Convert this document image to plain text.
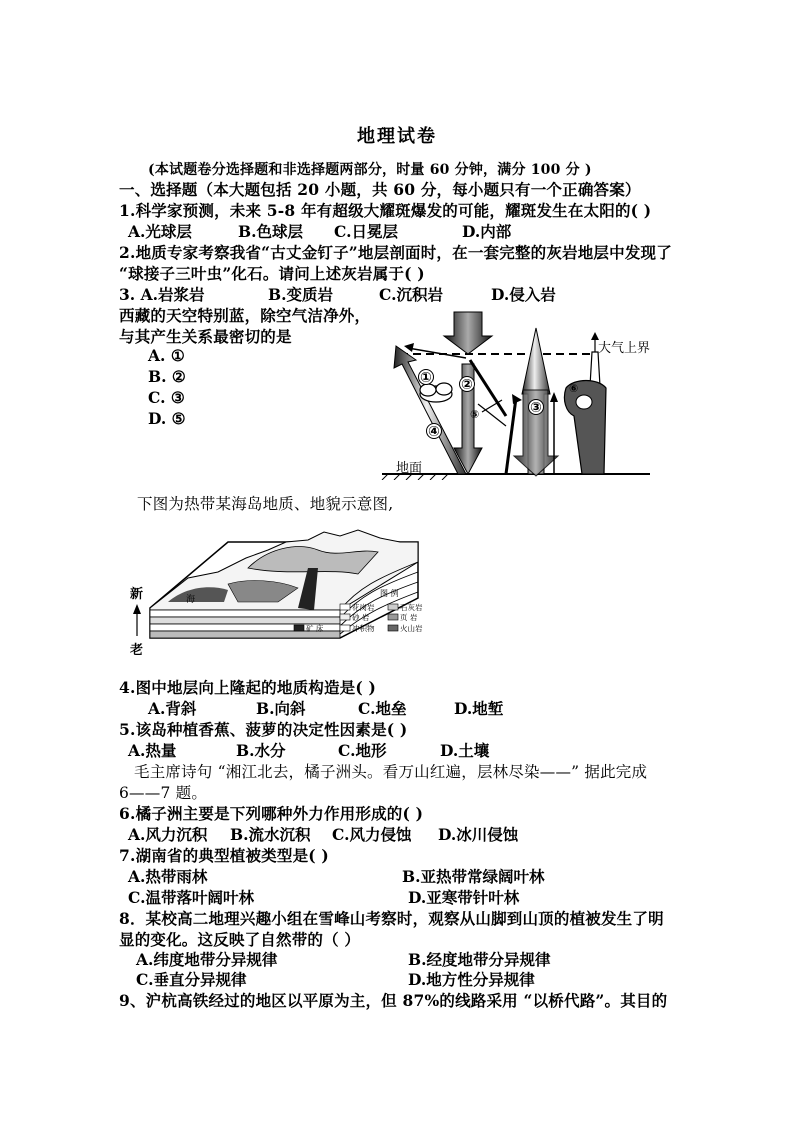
地理试卷
(本试题卷分选择题和非选择题两部分，时量 60 分钟，满分 100 分 )
一、选择题（本大题包括 20 小题，共 60 分，每小题只有一个正确答案）
1.科学家预测，未来 5-8 年有超级大耀斑爆发的可能，耀斑发生在太阳的( )
A.光球层	B.色球层 C.日冕层	D.内部
2.地质专家考察我省“古丈金钉子”地层剖面时，在一套完整的灰岩地层中发现了
“球接子三叶虫”化石。请问上述灰岩属于( )
3. A.岩浆岩	B.变质岩	C.沉积岩	D.侵入岩
西藏的天空特别蓝，除空气洁净外，
与其产生关系最密切的是
A. ①
B. ②
C. ③
D. ⑤
① ②
③
④
⑤
⑥
大气上界
地面
下图为热带某海岛地质、地貌示意图,
海
新
老
图 例
花岗岩	石灰岩
砂 岩	页 岩
矿 床	冲积物	火山岩
4.图中地层向上隆起的地质构造是( )
A.背斜	B.向斜	C.地垒	D.地堑
5.该岛种植香蕉、菠萝的决定性因素是( )
A.热量	B.水分	C.地形	D.土壤
毛主席诗句 “湘江北去，橘子洲头。看万山红遍，层林尽染——” 据此完成
6——7 题。
6.橘子洲主要是下列哪种外力作用形成的( )
A.风力沉积 B.流水沉积 C.风力侵蚀 D.冰川侵蚀
7.湖南省的典型植被类型是( )
A.热带雨林	B.亚热带常绿阔叶林
C.温带落叶阔叶林	D.亚寒带针叶林
8．某校高二地理兴趣小组在雪峰山考察时，观察从山脚到山顶的植被发生了明
显的变化。这反映了自然带的（ ）
A.纬度地带分异规律	B.经度地带分异规律
C.垂直分异规律	D.地方性分异规律
9、沪杭高铁经过的地区以平原为主，但 87%的线路采用 “以桥代路”。其目的
